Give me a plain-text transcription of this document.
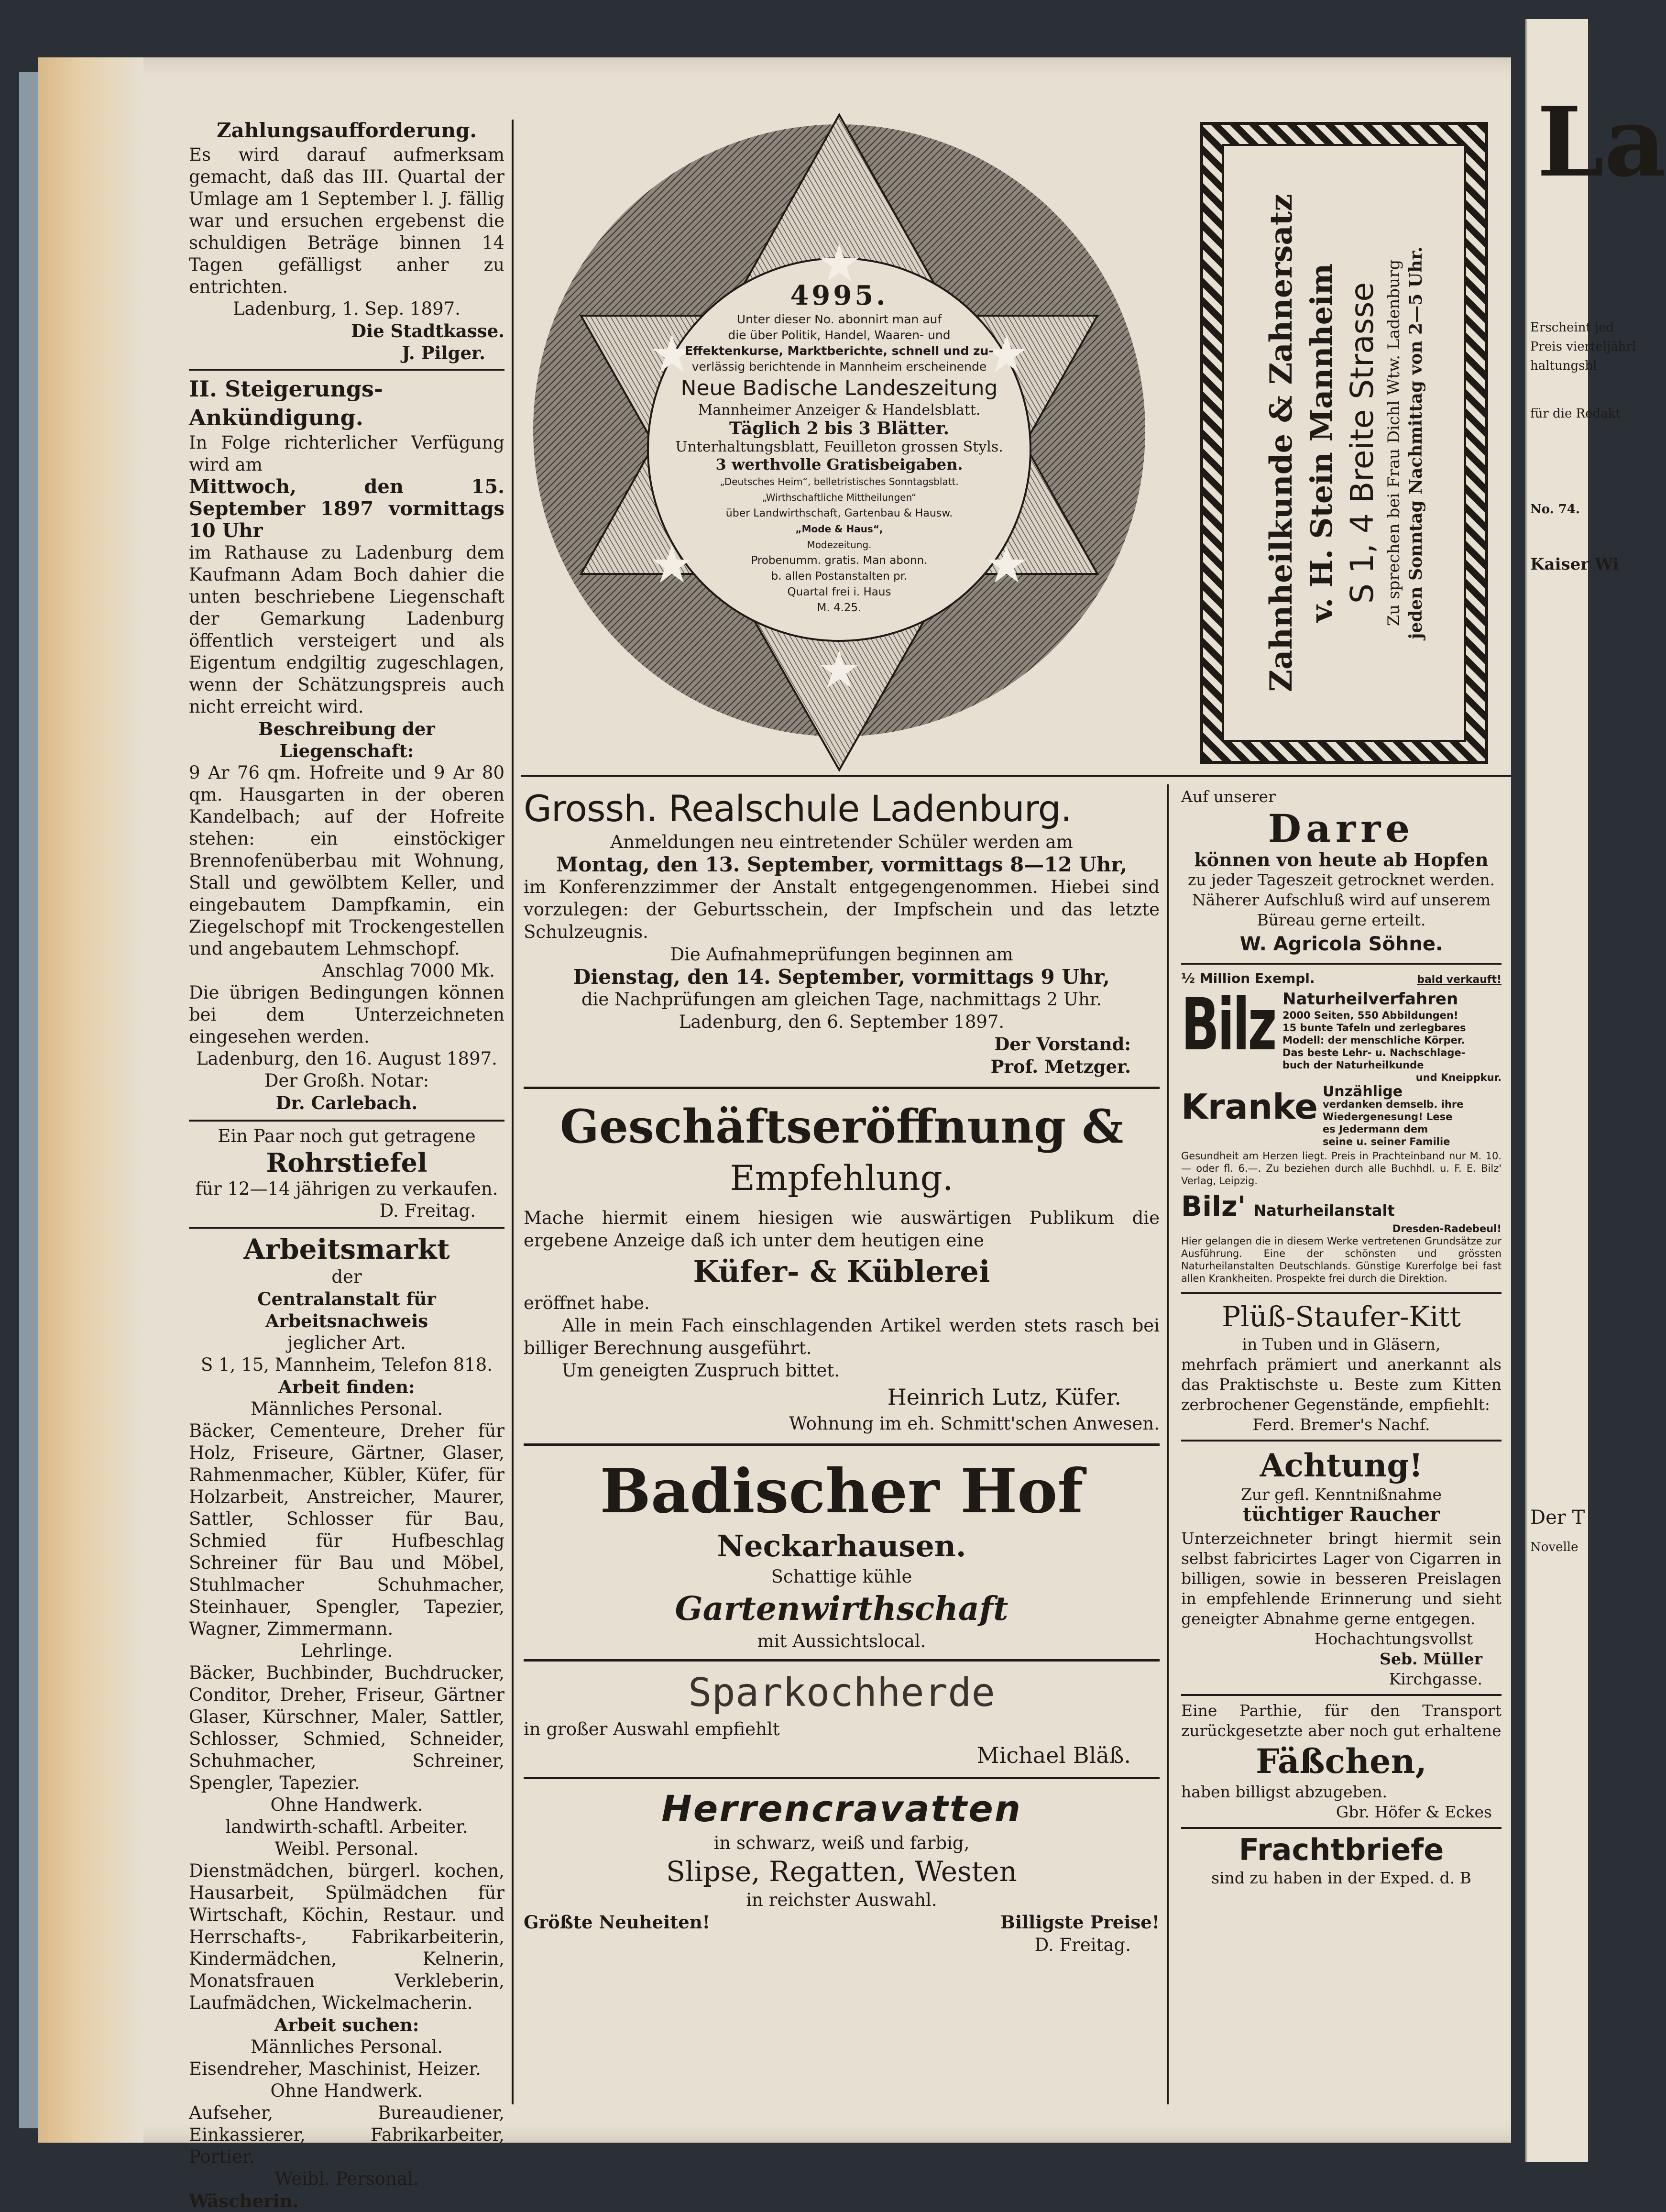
La
Erscheint jed
Preis vierteljährl
haltungsbl
für die Redakt
No. 74.
Kaiser Wi
Der T
Novelle
Zahlungsaufforderung.

Es wird darauf aufmerksam gemacht, daß das III. Quartal der Umlage am 1 September l. J. fällig war und ersuchen ergebenst die schuldigen Beträge binnen 14 Tagen gefälligst anher zu entrichten.

Ladenburg, 1. Sep. 1897.

Die Stadtkasse.

J. Pilger.

II. Steigerungs-Ankündigung.

In Folge richterlicher Verfügung wird am

Mittwoch, den 15. September 1897 vormittags 10 Uhr

im Rathause zu Ladenburg dem Kaufmann Adam Boch dahier die unten beschriebene Liegenschaft der Gemarkung Ladenburg öffentlich versteigert und als Eigentum endgiltig zugeschlagen, wenn der Schätzungspreis auch nicht erreicht wird.

Beschreibung der Liegenschaft:

9 Ar 76 qm. Hofreite und 9 Ar 80 qm. Hausgarten in der oberen Kandelbach; auf der Hofreite stehen: ein einstöckiger Brennofenüberbau mit Wohnung, Stall und gewölbtem Keller, und eingebautem Dampfkamin, ein Ziegelschopf mit Trockengestellen und angebautem Lehmschopf.

Anschlag 7000 Mk.

Die übrigen Bedingungen können bei dem Unterzeichneten eingesehen werden.

Ladenburg, den 16. August 1897.

Der Großh. Notar:

Dr. Carlebach.

Ein Paar noch gut getragene

Rohrstiefel

für 12—14 jährigen zu verkaufen.

D. Freitag.

Arbeitsmarkt

der

Centralanstalt für Arbeitsnachweis

jeglicher Art.

S 1, 15, Mannheim, Telefon 818.

Arbeit finden:

Männliches Personal.

Bäcker, Cementeure, Dreher für Holz, Friseure, Gärtner, Glaser, Rahmenmacher, Kübler, Küfer, für Holzarbeit, Anstreicher, Maurer, Sattler, Schlosser für Bau, Schmied für Hufbeschlag Schreiner für Bau und Möbel, Stuhlmacher Schuhmacher, Steinhauer, Spengler, Tapezier, Wagner, Zimmermann.

Lehrlinge.

Bäcker, Buchbinder, Buchdrucker, Conditor, Dreher, Friseur, Gärtner Glaser, Kürschner, Maler, Sattler, Schlosser, Schmied, Schneider, Schuhmacher, Schreiner, Spengler, Tapezier.

Ohne Handwerk.

landwirth-schaftl. Arbeiter.

Weibl. Personal.

Dienstmädchen, bürgerl. kochen, Hausarbeit, Spülmädchen für Wirtschaft, Köchin, Restaur. und Herrschafts-, Fabrikarbeiterin, Kindermädchen, Kelnerin, Monatsfrauen Verkleberin, Laufmädchen, Wickelmacherin.

Arbeit suchen:

Männliches Personal.

Eisendreher, Maschinist, Heizer.

Ohne Handwerk.

Aufseher, Bureaudiener, Einkassierer, Fabrikarbeiter, Portier.

Weibl. Personal.

Wäscherin.

4995.
Unter dieser No. abonnirt man auf
die über Politik, Handel, Waaren- und
Effektenkurse, Marktberichte, schnell und zu-
verlässig berichtende in Mannheim erscheinende
Neue Badische Landeszeitung
Mannheimer Anzeiger & Handelsblatt.
Täglich 2 bis 3 Blätter.
Unterhaltungsblatt, Feuilleton grossen Styls.
3 werthvolle Gratisbeigaben.
„Deutsches Heim“, belletristisches Sonntagsblatt.
„Wirthschaftliche Mittheilungen“
über Landwirthschaft, Gartenbau & Hausw.
„Mode & Haus“,
Modezeitung.
Probenumm. gratis. Man abonn.
b. allen Postanstalten pr.
Quartal frei i. Haus
M. 4.25.	Zahnheilkunde & Zahnersatz v. H. Stein Mannheim S 1, 4 Breite Strasse Zu sprechen bei Frau Dichl Wtw. Ladenburg jeden Sonntag Nachmittag von 2—5 Uhr.
Grossh. Realschule Ladenburg.

Anmeldungen neu eintretender Schüler werden am

Montag, den 13. September, vormittags 8—12 Uhr,

im Konferenzzimmer der Anstalt entgegengenommen. Hiebei sind vorzulegen: der Geburtsschein, der Impfschein und das letzte Schulzeugnis.

Die Aufnahmeprüfungen beginnen am

Dienstag, den 14. September, vormittags 9 Uhr,

die Nachprüfungen am gleichen Tage, nachmittags 2 Uhr.

Ladenburg, den 6. September 1897.

Der Vorstand:

Prof. Metzger.

Geschäftseröffnung &
Empfehlung.

Mache hiermit einem hiesigen wie auswärtigen Publikum die ergebene Anzeige daß ich unter dem heutigen eine

Küfer- & Küblerei

eröffnet habe.

Alle in mein Fach einschlagenden Artikel werden stets rasch bei billiger Berechnung ausgeführt.

Um geneigten Zuspruch bittet.

Heinrich Lutz, Küfer.

Wohnung im eh. Schmitt'schen Anwesen.

Badischer Hof
Neckarhausen.

Schattige kühle

Gartenwirthschaft

mit Aussichtslocal.

Sparkochherde

in großer Auswahl empfiehlt

Michael Bläß.

Herrencravatten

in schwarz, weiß und farbig,

Slipse, Regatten, Westen

in reichster Auswahl.

Größte Neuheiten!	Billigste Preise!

D. Freitag.

Auf unserer

Darre

können von heute ab Hopfen

zu jeder Tageszeit getrocknet werden.

Näherer Aufschluß wird auf unserem Büreau gerne erteilt.

W. Agricola Söhne.

½ Million Exempl.	bald verkauft!
Bilz Naturheilverfahren
2000 Seiten, 550 Abbildungen!
15 bunte Tafeln und zerlegbares
Modell: der menschliche Körper.
Das beste Lehr- u. Nachschlage-
buch der Naturheilkunde
und Kneippkur.
Kranke Unzählige
verdanken demselb. ihre
Wiedergenesung! Lese
es Jedermann dem
seine u. seiner Familie

Gesundheit am Herzen liegt. Preis in Prachteinband nur M. 10.— oder fl. 6.—. Zu beziehen durch alle Buchhdl. u. F. E. Bilz' Verlag, Leipzig.

Bilz' Naturheilanstalt

Dresden-Radebeul!

Hier gelangen die in diesem Werke vertretenen Grundsätze zur Ausführung. Eine der schönsten und grössten Naturheilanstalten Deutschlands. Günstige Kurerfolge bei fast allen Krankheiten. Prospekte frei durch die Direktion.

Plüß-Staufer-Kitt

in Tuben und in Gläsern,

mehrfach prämiert und anerkannt als das Praktischste u. Beste zum Kitten zerbrochener Gegenstände, empfiehlt:

Ferd. Bremer's Nachf.

Achtung!

Zur gefl. Kenntnißnahme

tüchtiger Raucher

Unterzeichneter bringt hiermit sein selbst fabricirtes Lager von Cigarren in billigen, sowie in besseren Preislagen in empfehlende Erinnerung und sieht geneigter Abnahme gerne entgegen.

Hochachtungsvollst

Seb. Müller

Kirchgasse.

Eine Parthie, für den Transport zurückgesetzte aber noch gut erhaltene

Fäßchen,

haben billigst abzugeben.

Gbr. Höfer & Eckes

Frachtbriefe

sind zu haben in der Exped. d. B
